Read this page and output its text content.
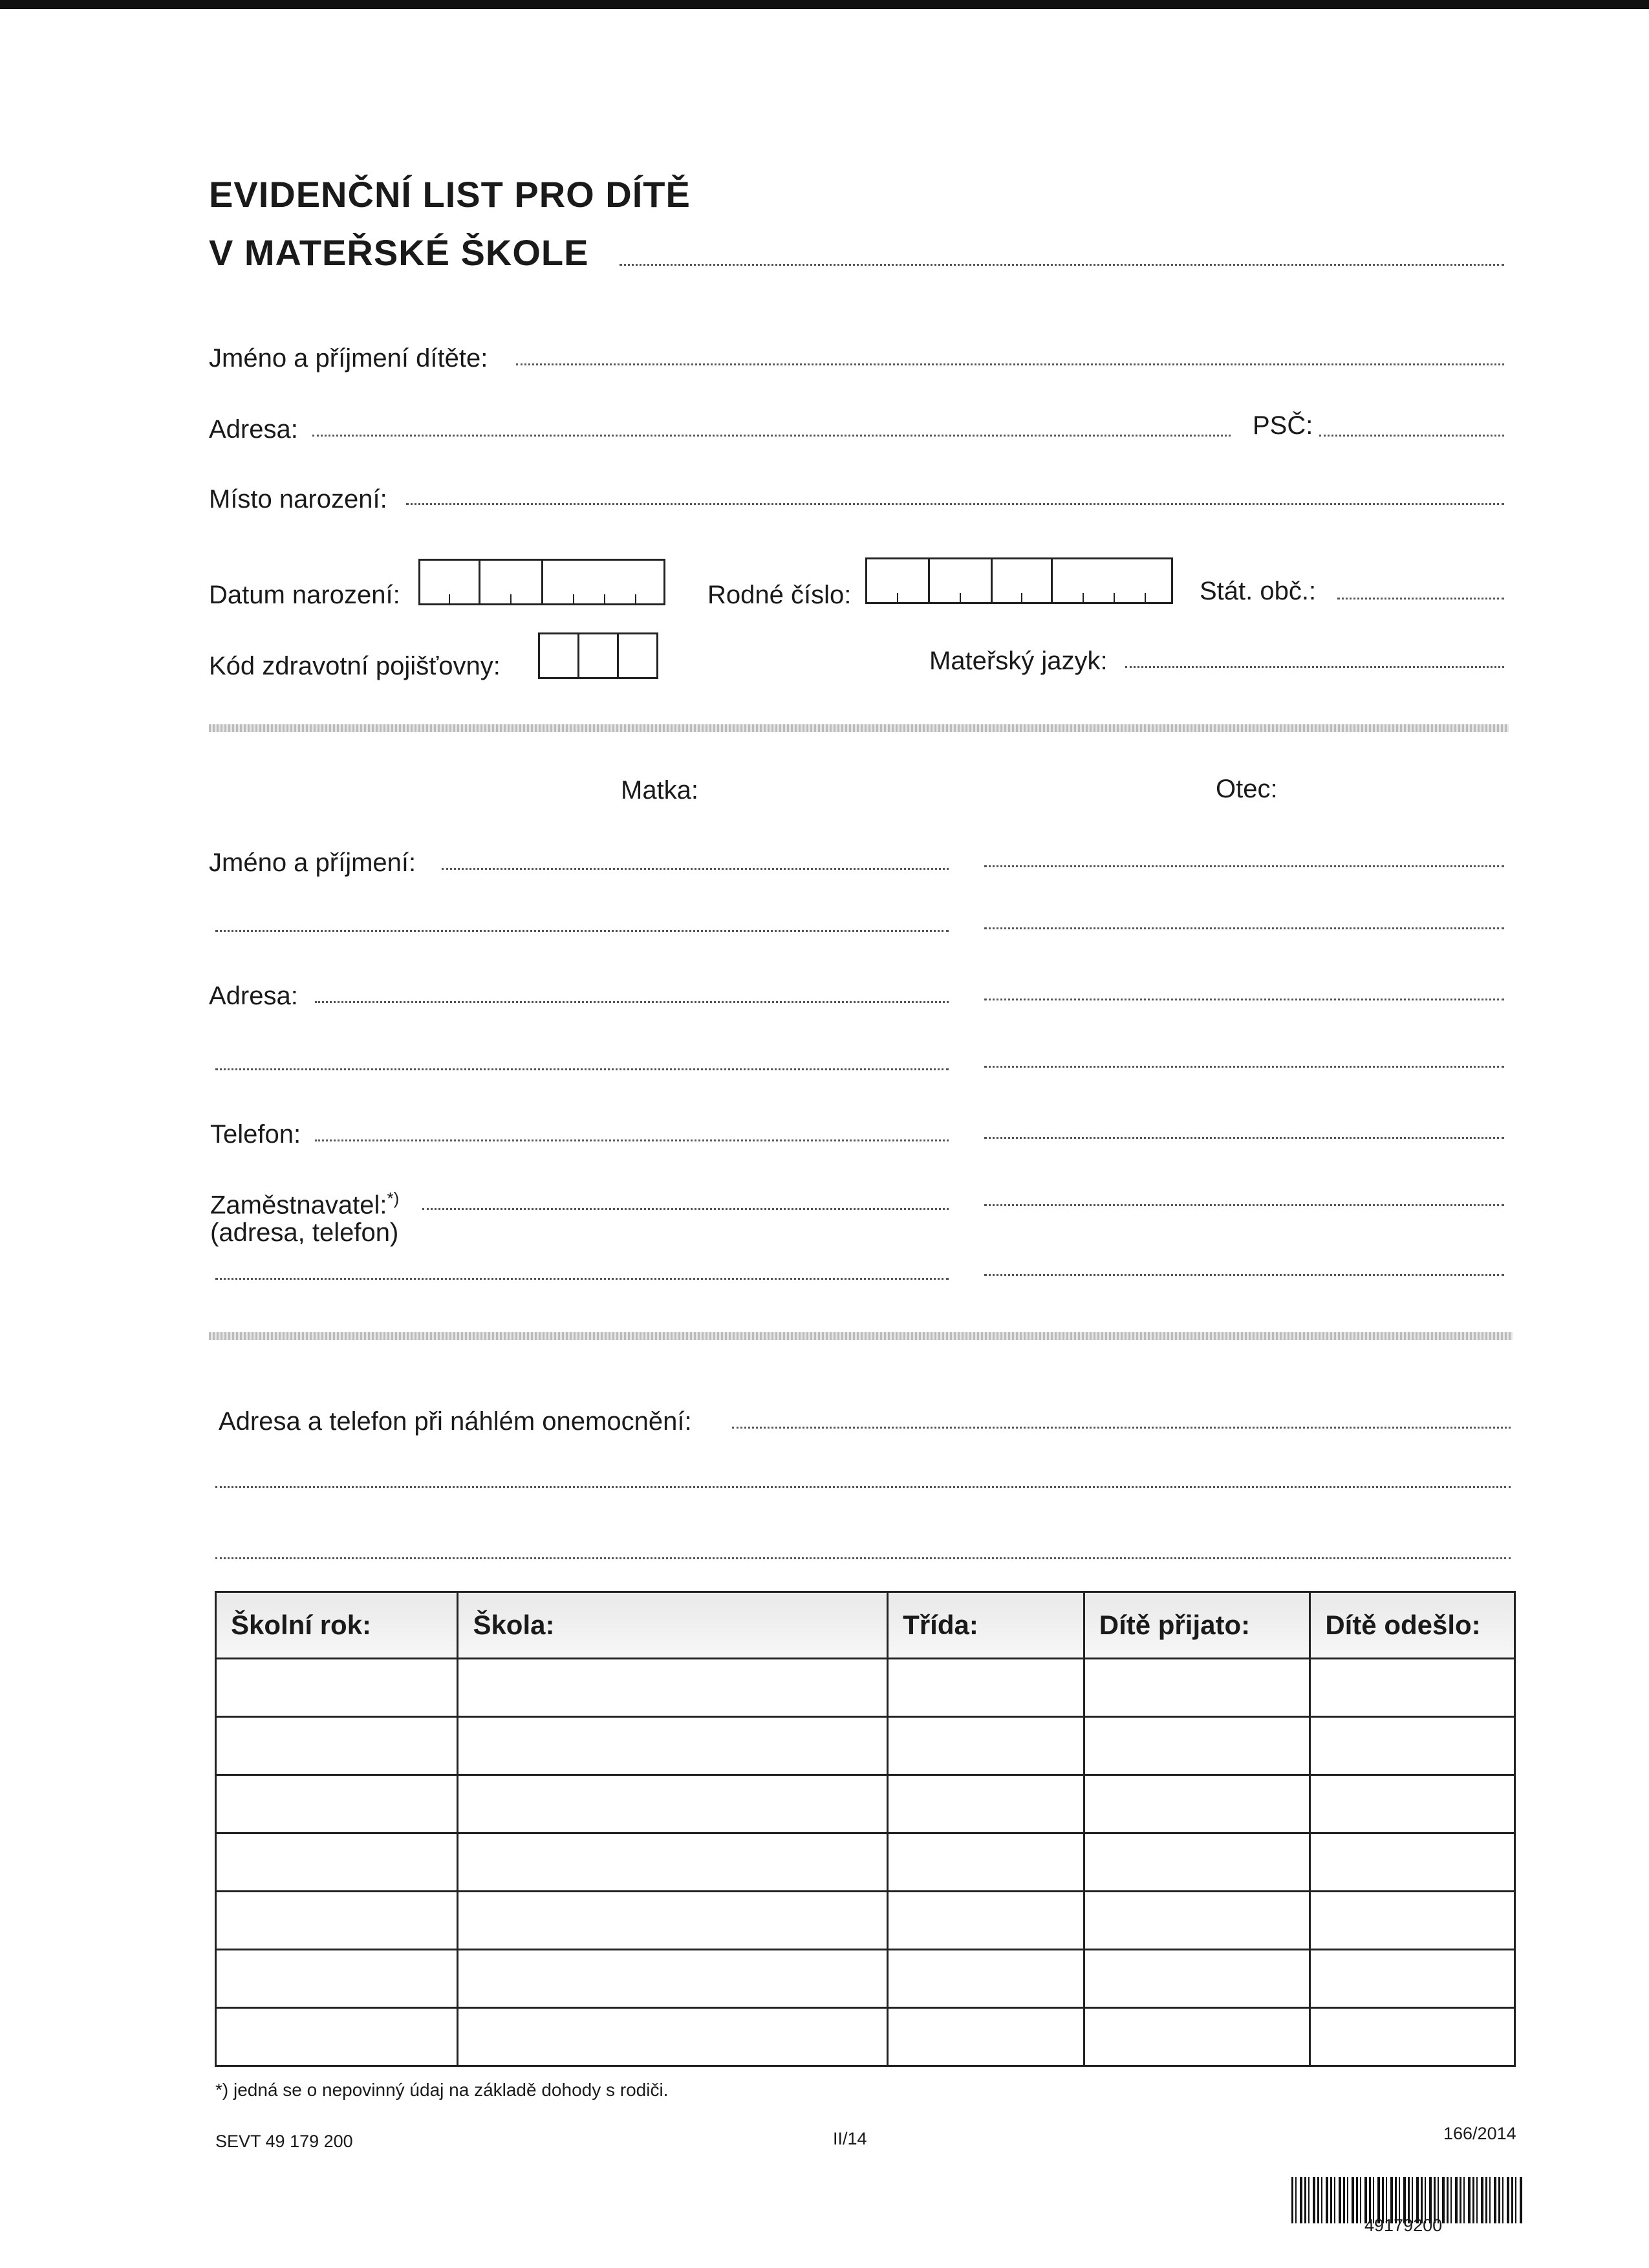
EVIDENČNÍ LIST PRO DÍTĚ
V MATEŘSKÉ ŠKOLE
Jméno a příjmení dítěte:
Adresa:	PSČ:
Místo narození:
Datum narození:	Rodné číslo:	Stát. obč.:
Kód zdravotní pojišťovny:	Mateřský jazyk:
Matka:	Otec:
Jméno a příjmení:
Adresa:
Telefon:
Zaměstnavatel:*)
(adresa, telefon)
Adresa a telefon při náhlém onemocnění:
Školní rok:	Škola:	Třída:	Dítě přijato:	Dítě odešlo:

*) jedná se o nepovinný údaj na základě dohody s rodiči.
SEVT 49 179 200	II/14	166/2014
49179200
